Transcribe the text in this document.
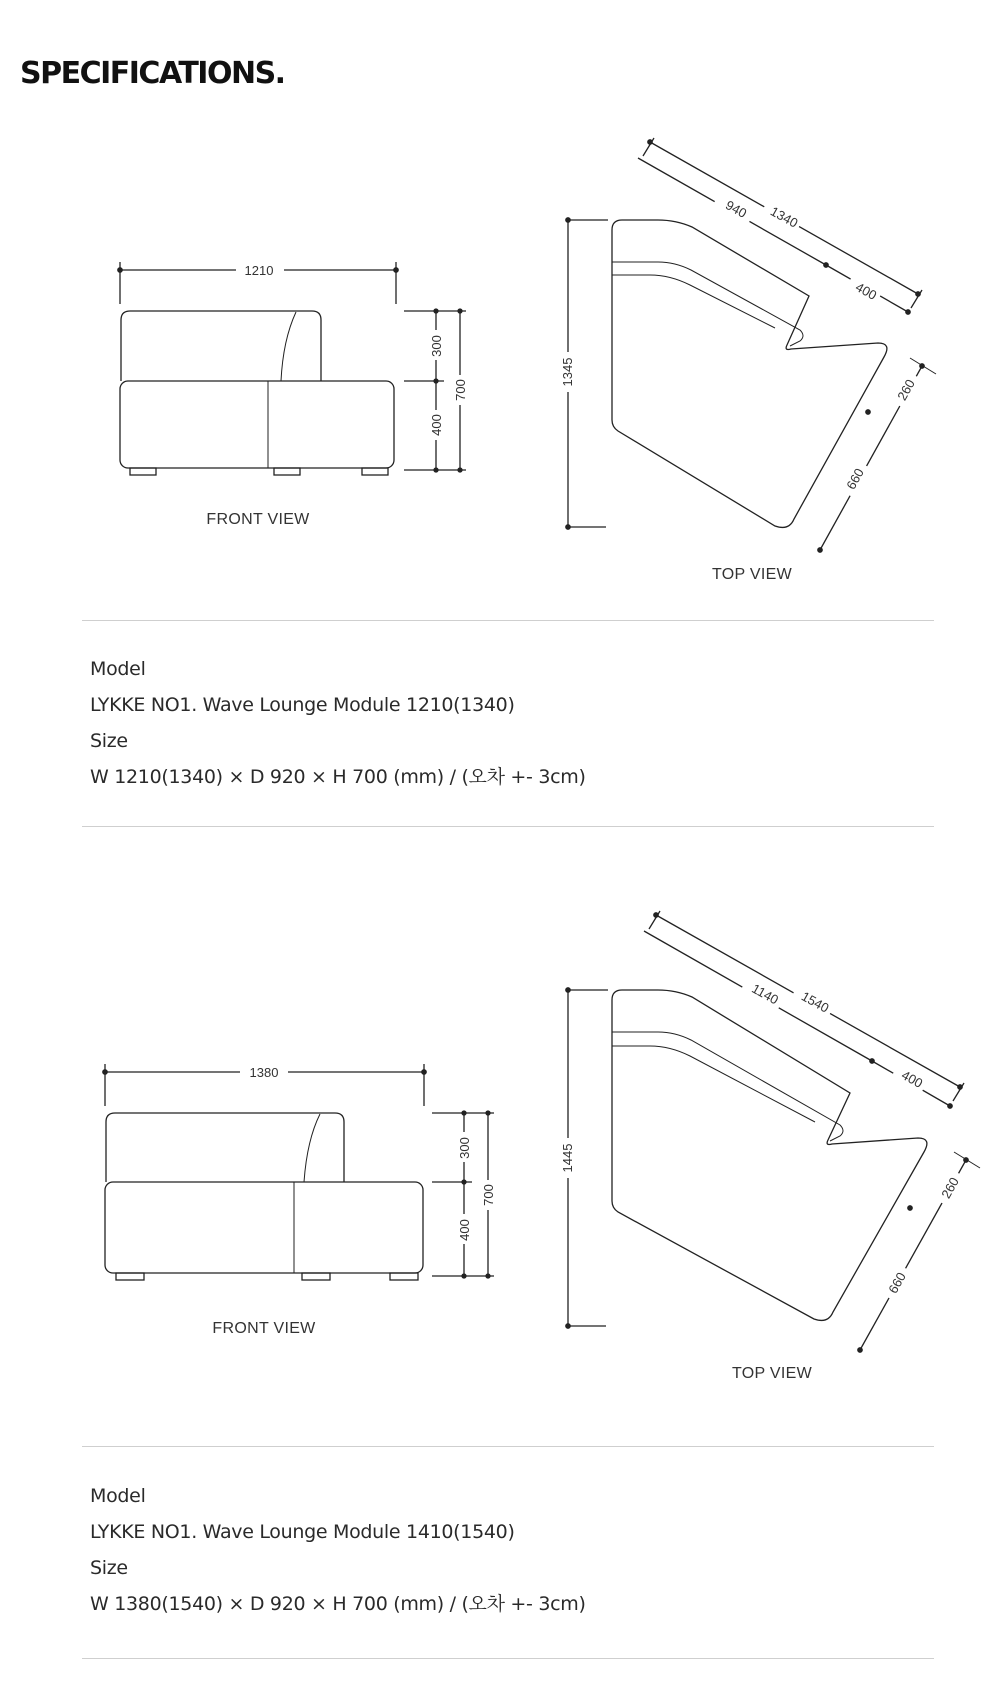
SPECIFICATIONS.
1210
300
400
700
FRONT VIEW
1345
940 1340
400
260
660
TOP VIEW
Model
LYKKE NO1. Wave Lounge Module 1210(1340)
Size
W 1210(1340) × D 920 × H 700 (mm) / (오차 +- 3cm)
1380
300
400
700
FRONT VIEW
1445
1140 1540
400
260
660
TOP VIEW
Model
LYKKE NO1. Wave Lounge Module 1410(1540)
Size
W 1380(1540) × D 920 × H 700 (mm) / (오차 +- 3cm)
